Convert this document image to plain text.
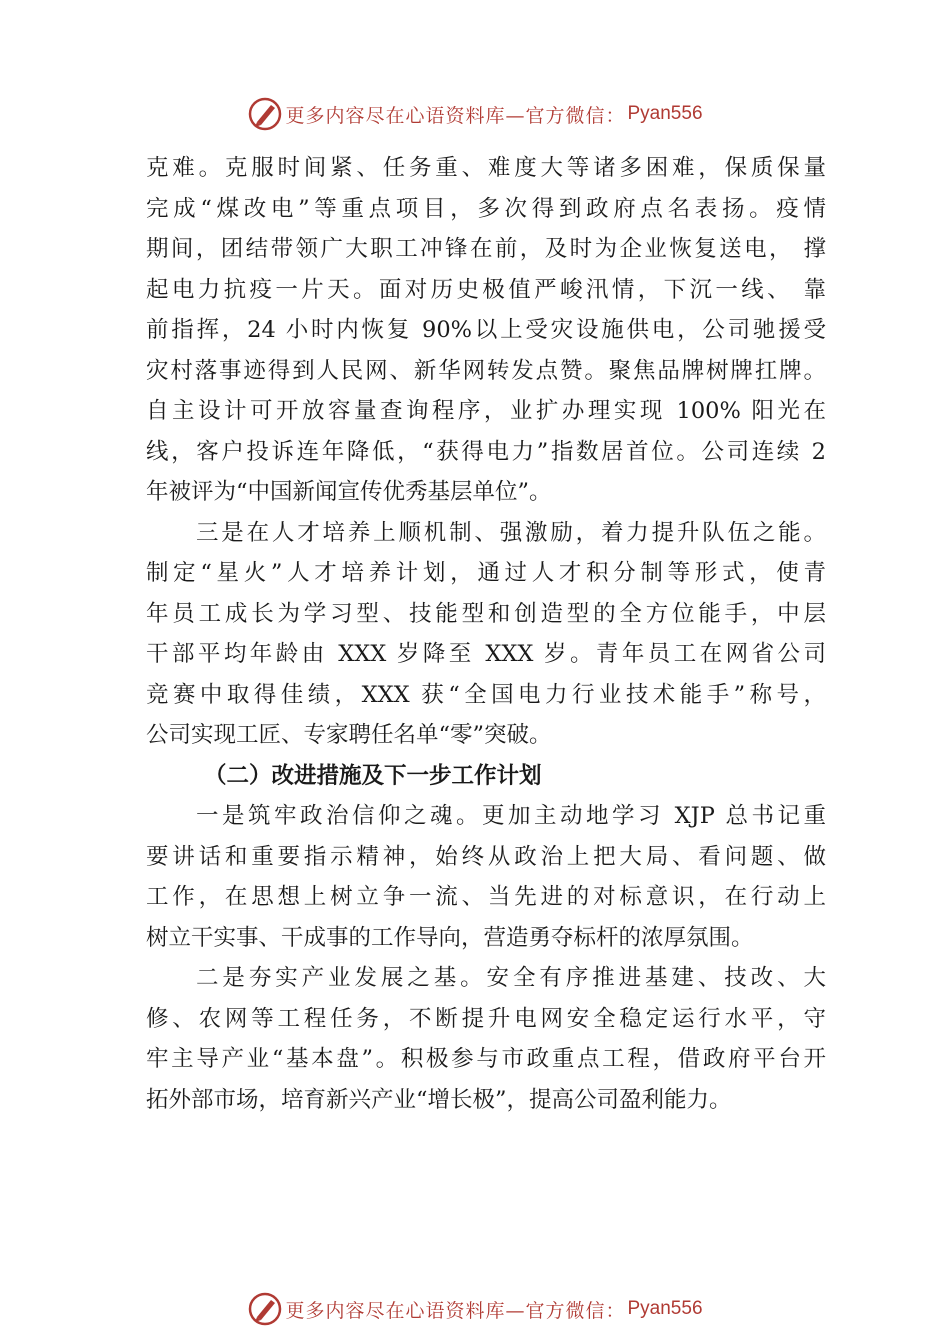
更多内容尽在心语资料库—官方微信： Pyan556
克难。克服时间紧、任务重、难度大等诸多困难，保质保量
完成“煤改电”等重点项目，多次得到政府点名表扬。疫情
期间，团结带领广大职工冲锋在前，及时为企业恢复送电， 撑
起电力抗疫一片天。面对历史极值严峻汛情，下沉一线、 靠
前指挥，24 小时内恢复 90%以上受灾设施供电，公司驰援受
灾村落事迹得到人民网、新华网转发点赞。聚焦品牌树牌扛牌。
自主设计可开放容量查询程序，业扩办理实现 100% 阳光在
线，客户投诉连年降低，“获得电力”指数居首位。公司连续 2
年被评为“中国新闻宣传优秀基层单位”。
三是在人才培养上顺机制、强激励，着力提升队伍之能。
制定“星火”人才培养计划，通过人才积分制等形式，使青
年员工成长为学习型、技能型和创造型的全方位能手，中层
干部平均年龄由 XXX 岁降至 XXX 岁。青年员工在网省公司
竞赛中取得佳绩，XXX 获“全国电力行业技术能手”称号，
公司实现工匠、专家聘任名单“零”突破。
（二）改进措施及下一步工作计划
一是筑牢政治信仰之魂。更加主动地学习 XJP 总书记重
要讲话和重要指示精神，始终从政治上把大局、看问题、做
工作，在思想上树立争一流、当先进的对标意识，在行动上
树立干实事、干成事的工作导向，营造勇夺标杆的浓厚氛围。
二是夯实产业发展之基。安全有序推进基建、技改、大
修、农网等工程任务，不断提升电网安全稳定运行水平，守
牢主导产业“基本盘”。积极参与市政重点工程，借政府平台开
拓外部市场，培育新兴产业“增长极”，提高公司盈利能力。
更多内容尽在心语资料库—官方微信： Pyan556
